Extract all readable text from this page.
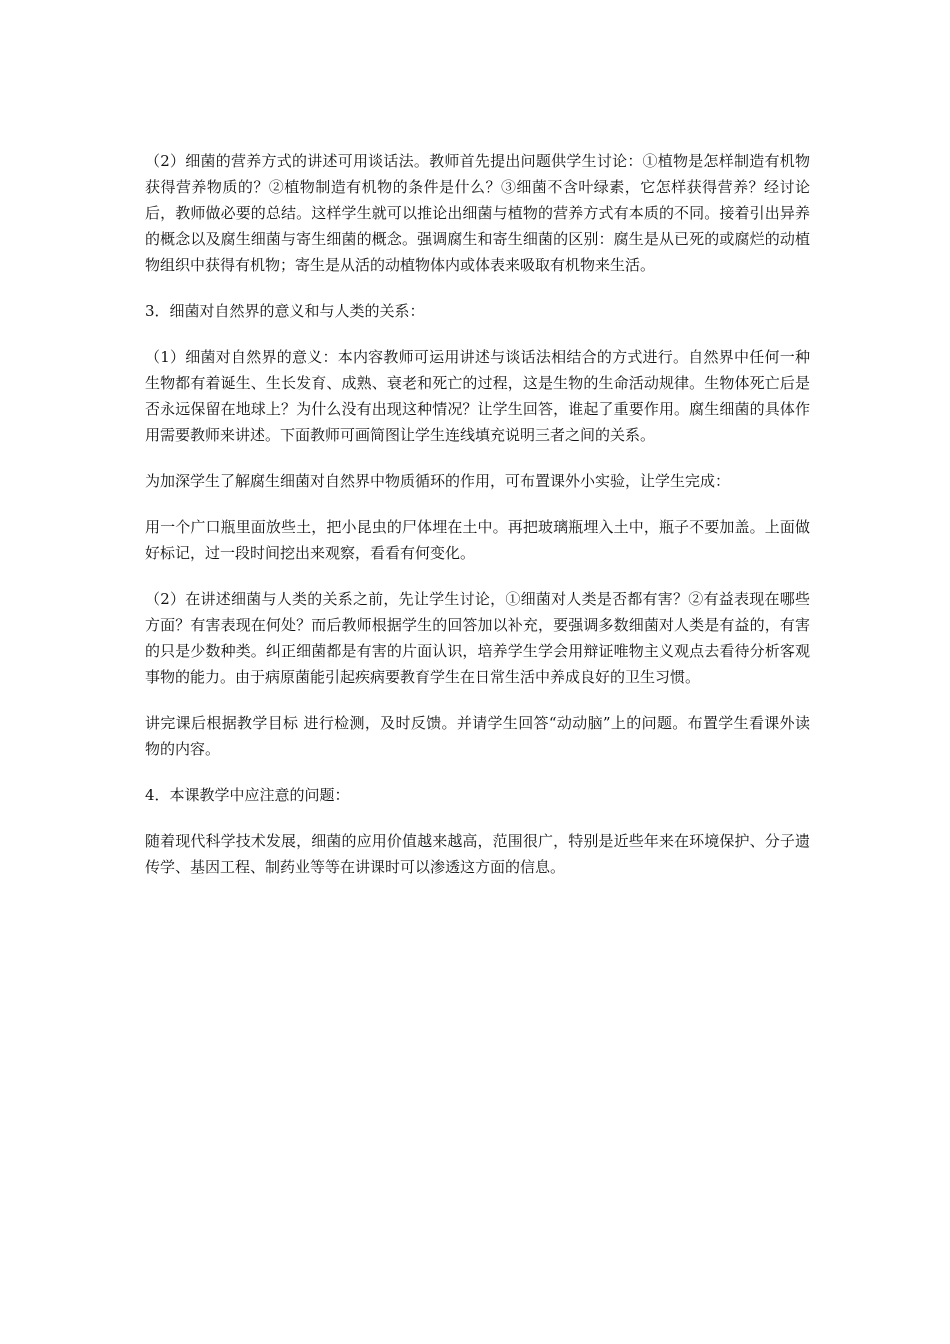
（2）细菌的营养方式的讲述可用谈话法。教师首先提出问题供学生讨论：①植物是怎样制造有机物获得营养物质的？②植物制造有机物的条件是什么？③细菌不含叶绿素，它怎样获得营养？经讨论后，教师做必要的总结。这样学生就可以推论出细菌与植物的营养方式有本质的不同。接着引出异养的概念以及腐生细菌与寄生细菌的概念。强调腐生和寄生细菌的区别：腐生是从已死的或腐烂的动植物组织中获得有机物；寄生是从活的动植物体内或体表来吸取有机物来生活。

3．细菌对自然界的意义和与人类的关系：

（1）细菌对自然界的意义：本内容教师可运用讲述与谈话法相结合的方式进行。自然界中任何一种生物都有着诞生、生长发育、成熟、衰老和死亡的过程，这是生物的生命活动规律。生物体死亡后是否永远保留在地球上？为什么没有出现这种情况？让学生回答，谁起了重要作用。腐生细菌的具体作用需要教师来讲述。下面教师可画简图让学生连线填充说明三者之间的关系。

为加深学生了解腐生细菌对自然界中物质循环的作用，可布置课外小实验，让学生完成：

用一个广口瓶里面放些土，把小昆虫的尸体埋在土中。再把玻璃瓶埋入土中，瓶子不要加盖。上面做好标记，过一段时间挖出来观察，看看有何变化。

（2）在讲述细菌与人类的关系之前，先让学生讨论，①细菌对人类是否都有害？②有益表现在哪些方面？有害表现在何处？而后教师根据学生的回答加以补充，要强调多数细菌对人类是有益的，有害的只是少数种类。纠正细菌都是有害的片面认识，培养学生学会用辩证唯物主义观点去看待分析客观事物的能力。由于病原菌能引起疾病要教育学生在日常生活中养成良好的卫生习惯。

讲完课后根据教学目标 进行检测，及时反馈。并请学生回答“动动脑”上的问题。布置学生看课外读物的内容。

4．本课教学中应注意的问题：

随着现代科学技术发展，细菌的应用价值越来越高，范围很广，特别是近些年来在环境保护、分子遗传学、基因工程、制药业等等在讲课时可以渗透这方面的信息。
